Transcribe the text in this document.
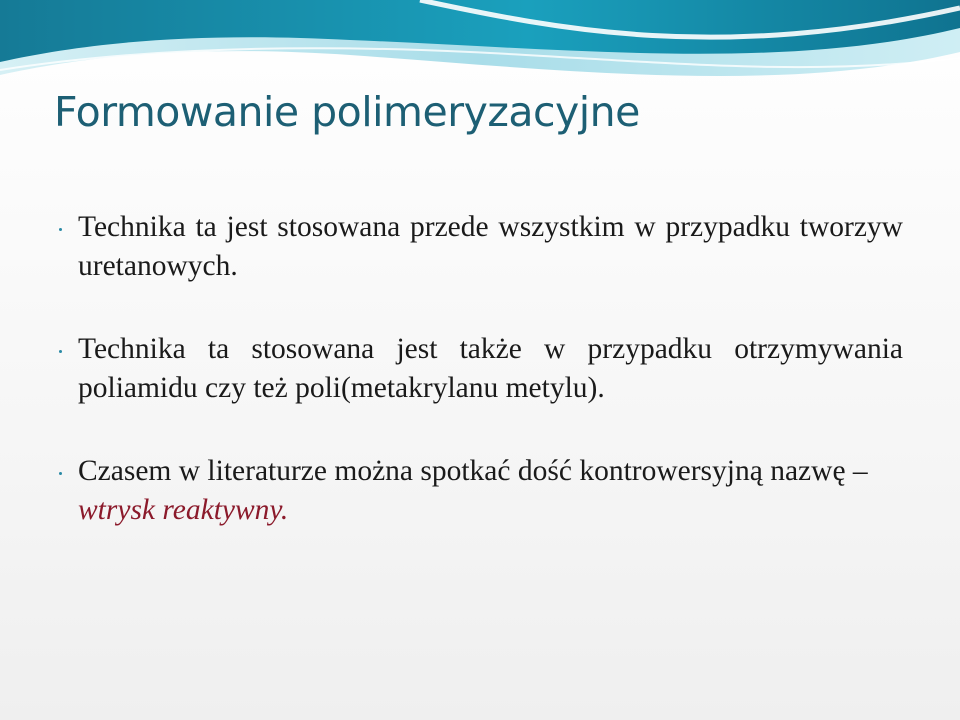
Formowanie polimeryzacyjne
Technika ta jest stosowana przede wszystkim w przypadku tworzyw uretanowych.
Technika ta stosowana jest także w przypadku otrzymywania poliamidu czy też poli(metakrylanu metylu).
Czasem w literaturze można spotkać dość kontrowersyjną nazwę – wtrysk reaktywny.
